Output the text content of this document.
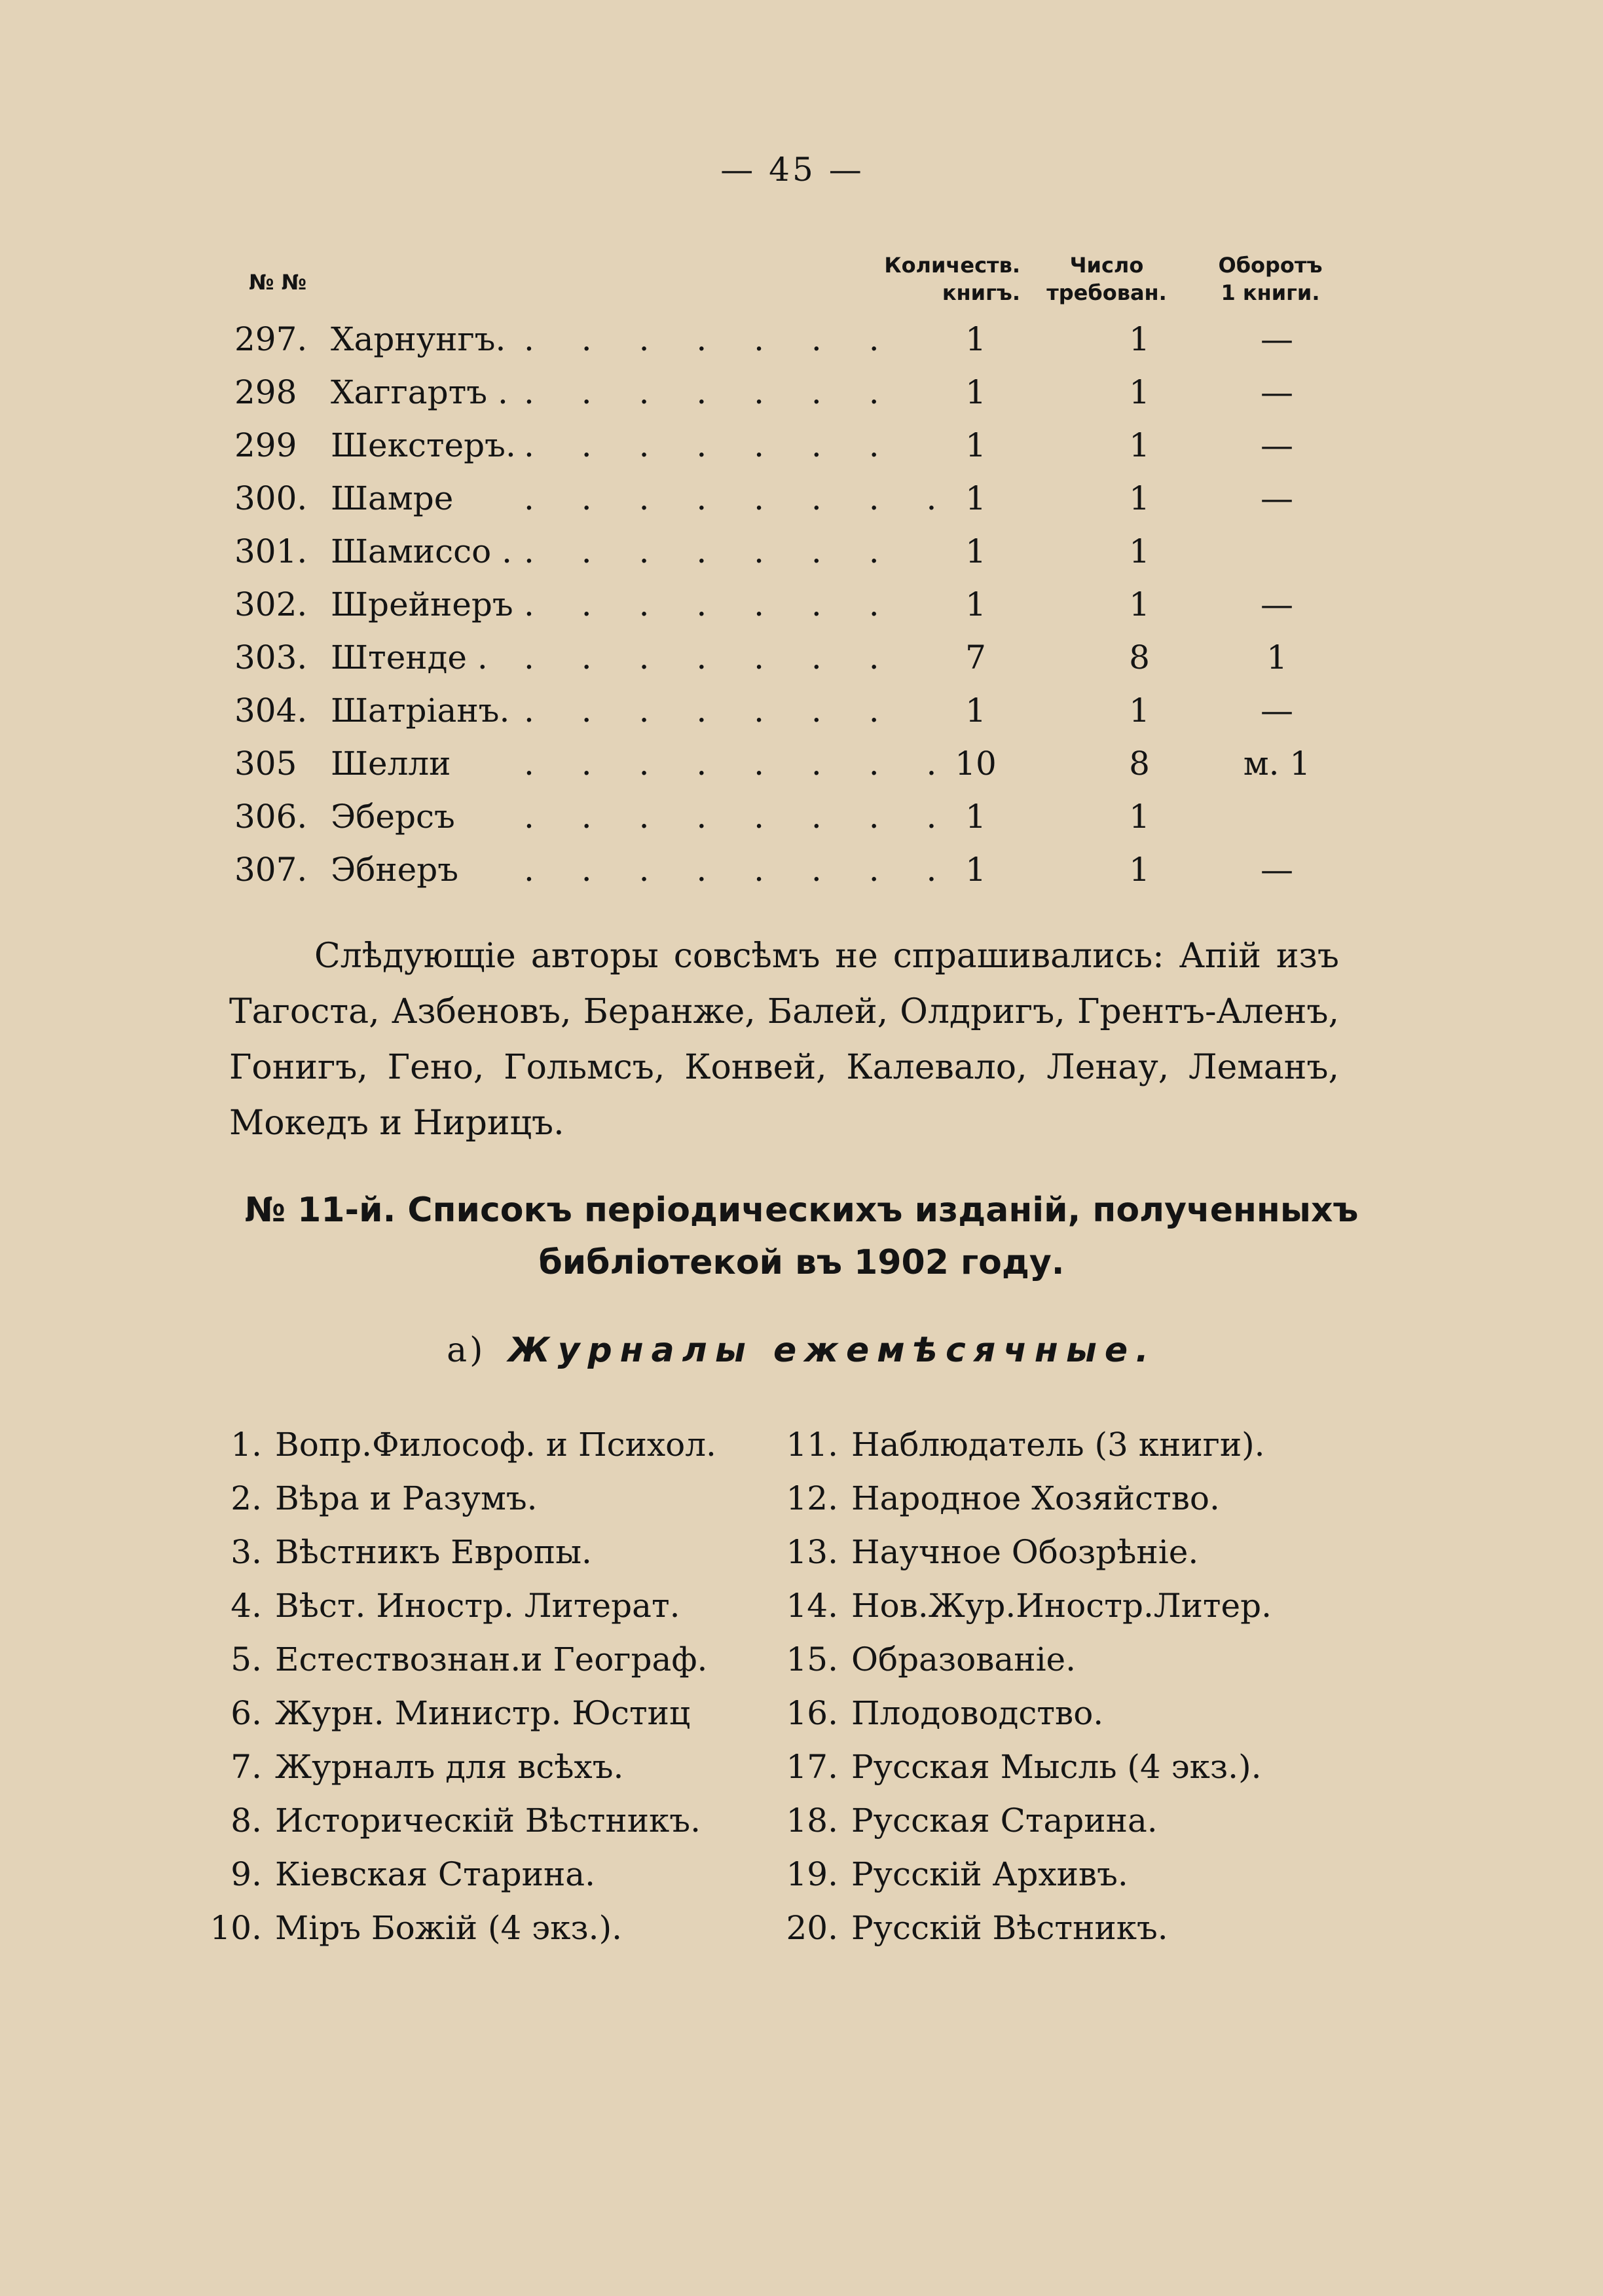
— 45 —
№ №
Количеств.
книгъ.
Число
требован.
Оборотъ
1 книги.
297. Харнунгъ. . . . . . . .	1	1	—
298	Хаггартъ . . . . . . . .	1	1	—
299	Шекстеръ. . . . . . . .	1	1	—
300. Шамре . . . . . . . . 1	1	—
301. Шамиссо . . . . . . . .	1	1
302. Шрейнеръ . . . . . . .	1	1	—
303. Штенде . . . . . . . .	7	8	1
304. Шатріанъ. . . . . . . .	1	1	—
305	Шелли . . . . . . . . 10	8	м. 1
306. Эберсъ . . . . . . . . 1	1
307. Эбнеръ . . . . . . . . 1	1	—
Слѣдующіе авторы совсѣмъ не спрашивались: Апій изъ Тагоста, Азбеновъ, Беранже, Балей, Олдригъ, Грентъ-Аленъ, Гонигъ, Гено, Гольмсъ, Конвей, Калевало, Ленау, Леманъ, Мокедъ и Нирицъ.
№ 11-й. Списокъ періодическихъ изданій, полученныхъ
библіотекой въ 1902 году.
а) Журналы ежемѣсячные.
1. Вопр.Философ. и Психол.
2. Вѣра и Разумъ.
3. Вѣстникъ Европы.
4. Вѣст. Иностр. Литерат.
5. Естествознан.и Географ.
6. Журн. Министр. Юстиц
7. Журналъ для всѣхъ.
8. Историческій Вѣстникъ.
9. Кіевская Старина.
10. Міръ Божій (4 экз.).
11. Наблюдатель (3 книги).
12. Народное Хозяйство.
13. Научное Обозрѣніе.
14. Нов.Жур.Иностр.Литер.
15. Образованіе.
16. Плодоводство.
17. Русская Мысль (4 экз.).
18. Русская Старина.
19. Русскій Архивъ.
20. Русскій Вѣстникъ.
